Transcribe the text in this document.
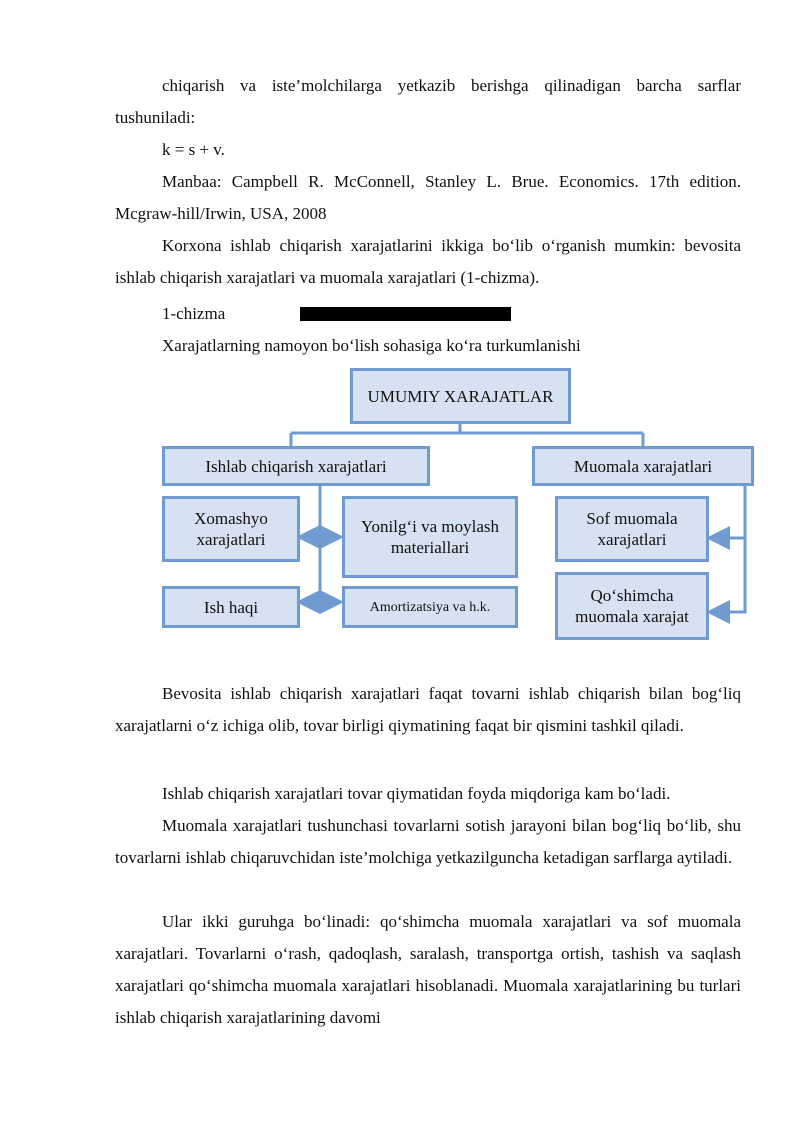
chiqarish va iste’molchilarga yetkazib berishga qilinadigan barcha sarflar tushuniladi:

k = s + v.

Manbaa: Campbell R. McConnell, Stanley L. Brue. Economics. 17th edition. Mcgraw-hill/Irwin, USA, 2008

Korxona ishlab chiqarish xarajatlarini ikkiga bo‘lib o‘rganish mumkin: bevosita ishlab chiqarish xarajatlari va muomala xarajatlari (1-chizma).

1-chizma

Xarajatlarning namoyon bo‘lish sohasiga ko‘ra turkumlanishi

UMUMIY XARAJATLAR
Ishlab chiqarish xarajatlari	Muomala xarajatlari
Xomashyo xarajatlari
Yonilg‘i va moylash materiallari
Ish haqi	Amortizatsiya va h.k.
Sof muomala xarajatlari
Qo‘shimcha muomala xarajat

Bevosita ishlab chiqarish xarajatlari faqat tovarni ishlab chiqarish bilan bog‘liq xarajatlarni o‘z ichiga olib, tovar birligi qiymatining faqat bir qismini tashkil qiladi.

Ishlab chiqarish xarajatlari tovar qiymatidan foyda miqdoriga kam bo‘ladi.

Muomala xarajatlari tushunchasi tovarlarni sotish jarayoni bilan bog‘liq bo‘lib, shu tovarlarni ishlab chiqaruvchidan iste’molchiga yetkazilguncha ketadigan sarflarga aytiladi.

Ular ikki guruhga bo‘linadi: qo‘shimcha muomala xarajatlari va sof muomala xarajatlari. Tovarlarni o‘rash, qadoqlash, saralash, transportga ortish, tashish va saqlash xarajatlari qo‘shimcha muomala xarajatlari hisoblanadi. Muomala xarajatlarining bu turlari ishlab chiqarish xarajatlarining davomi
